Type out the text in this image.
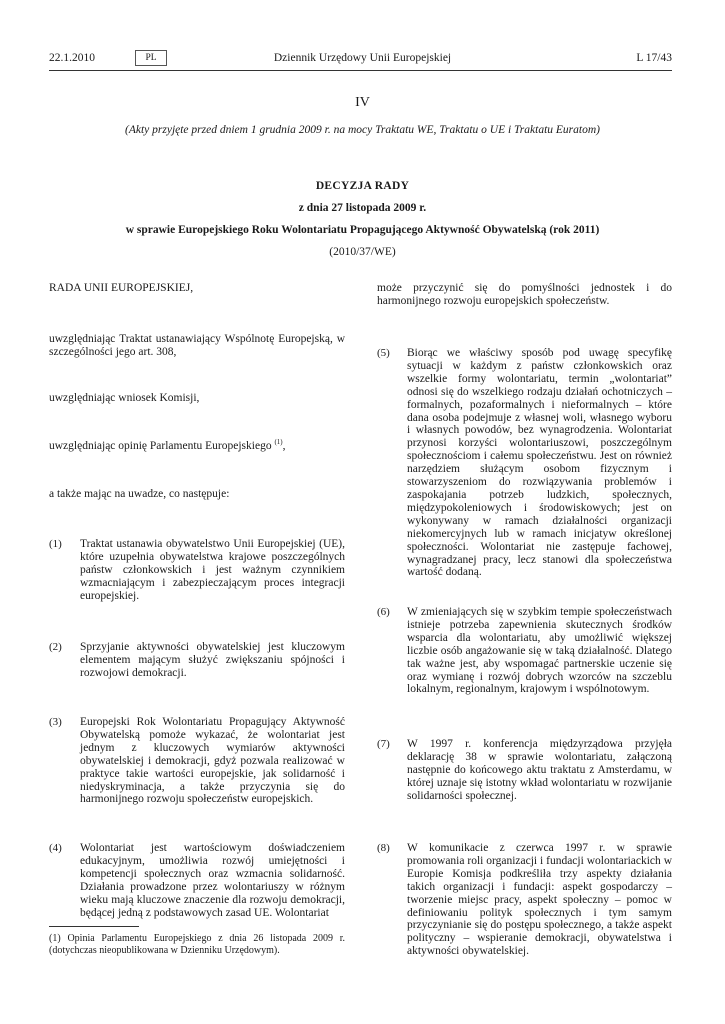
22.1.2010	PL	Dziennik Urzędowy Unii Europejskiej	L 17/43
IV
(Akty przyjęte przed dniem 1 grudnia 2009 r. na mocy Traktatu WE, Traktatu o UE i Traktatu Euratom)
DECYZJA RADY
z dnia 27 listopada 2009 r.
w sprawie Europejskiego Roku Wolontariatu Propagującego Aktywność Obywatelską (rok 2011)
(2010/37/WE)

RADA UNII EUROPEJSKIEJ,

uwzględniając Traktat ustanawiający Wspólnotę Europejską, w szczególności jego art. 308,

uwzględniając wniosek Komisji,

uwzględniając opinię Parlamentu Europejskiego $^{(1)}$,

a także mając na uwadze, co następuje:

(1) Traktat ustanawia obywatelstwo Unii Europejskiej (UE), które uzupełnia obywatelstwa krajowe poszczególnych państw członkowskich i jest ważnym czynnikiem wzmacniającym i zabezpieczającym proces integracji europejskiej.

(2) Sprzyjanie aktywności obywatelskiej jest kluczowym elementem mającym służyć zwiększaniu spójności i rozwojowi demokracji.

(3) Europejski Rok Wolontariatu Propagujący Aktywność Obywatelską pomoże wykazać, że wolontariat jest jednym z kluczowych wymiarów aktywności obywatelskiej i demokracji, gdyż pozwala realizować w praktyce takie wartości europejskie, jak solidarność i niedyskryminacja, a także przyczynia się do harmonijnego rozwoju społeczeństw europejskich.

(4) Wolontariat jest wartościowym doświadczeniem edukacyjnym, umożliwia rozwój umiejętności i kompetencji społecznych oraz wzmacnia solidarność. Działania prowadzone przez wolontariuszy w różnym wieku mają kluczowe znaczenie dla rozwoju demokracji, będącej jedną z podstawowych zasad UE. Wolontariat

(1) Opinia Parlamentu Europejskiego z dnia 26 listopada 2009 r. (dotychczas nieopublikowana w Dzienniku Urzędowym).

może przyczynić się do pomyślności jednostek i do harmonijnego rozwoju europejskich społeczeństw.

(5) Biorąc we właściwy sposób pod uwagę specyfikę sytuacji w każdym z państw członkowskich oraz wszelkie formy wolontariatu, termin „wolontariat” odnosi się do wszelkiego rodzaju działań ochotniczych – formalnych, pozaformalnych i nieformalnych – które dana osoba podejmuje z własnej woli, własnego wyboru i własnych powodów, bez wynagrodzenia. Wolontariat przynosi korzyści wolontariuszowi, poszczególnym społecznościom i całemu społeczeństwu. Jest on również narzędziem służącym osobom fizycznym i stowarzyszeniom do rozwiązywania problemów i zaspokajania potrzeb ludzkich, społecznych, międzypokoleniowych i środowiskowych; jest on wykonywany w ramach działalności organizacji niekomercyjnych lub w ramach inicjatyw określonej społeczności. Wolontariat nie zastępuje fachowej, wynagradzanej pracy, lecz stanowi dla społeczeństwa wartość dodaną.

(6) W zmieniających się w szybkim tempie społeczeństwach istnieje potrzeba zapewnienia skutecznych środków wsparcia dla wolontariatu, aby umożliwić większej liczbie osób angażowanie się w taką działalność. Dlatego tak ważne jest, aby wspomagać partnerskie uczenie się oraz wymianę i rozwój dobrych wzorców na szczeblu lokalnym, regionalnym, krajowym i wspólnotowym.

(7) W 1997 r. konferencja międzyrządowa przyjęła deklarację 38 w sprawie wolontariatu, załączoną następnie do końcowego aktu traktatu z Amsterdamu, w której uznaje się istotny wkład wolontariatu w rozwijanie solidarności społecznej.

(8) W komunikacie z czerwca 1997 r. w sprawie promowania roli organizacji i fundacji wolontariackich w Europie Komisja podkreśliła trzy aspekty działania takich organizacji i fundacji: aspekt gospodarczy – tworzenie miejsc pracy, aspekt społeczny – pomoc w definiowaniu polityk społecznych i tym samym przyczynianie się do postępu społecznego, a także aspekt polityczny – wspieranie demokracji, obywatelstwa i aktywności obywatelskiej.
